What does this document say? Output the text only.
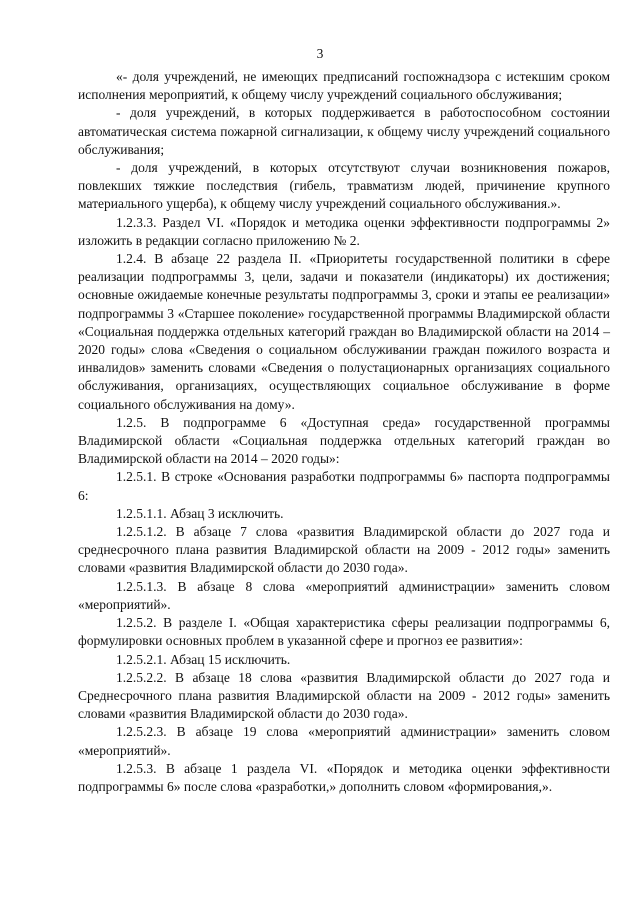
3

«- доля учреждений, не имеющих предписаний госпожнадзора с истекшим сроком исполнения мероприятий, к общему числу учреждений социального обслуживания;

- доля учреждений, в которых поддерживается в работоспособном состоянии автоматическая система пожарной сигнализации, к общему числу учреждений социального обслуживания;

- доля учреждений, в которых отсутствуют случаи возникновения пожаров, повлекших тяжкие последствия (гибель, травматизм людей, причинение крупного материального ущерба), к общему числу учреждений социального обслуживания.».

1.2.3.3. Раздел VI. «Порядок и методика оценки эффективности подпрограммы 2» изложить в редакции согласно приложению № 2.

1.2.4. В абзаце 22 раздела II. «Приоритеты государственной политики в сфере реализации подпрограммы 3, цели, задачи и показатели (индикаторы) их достижения; основные ожидаемые конечные результаты подпрограммы 3, сроки и этапы ее реализации» подпрограммы 3 «Старшее поколение» государственной программы Владимирской области «Социальная поддержка отдельных категорий граждан во Владимирской области на 2014 – 2020 годы» слова «Сведения о социальном обслуживании граждан пожилого возраста и инвалидов» заменить словами «Сведения о полустационарных организациях социального обслуживания, организациях, осуществляющих социальное обслуживание в форме социального обслуживания на дому».

1.2.5. В подпрограмме 6 «Доступная среда» государственной программы Владимирской области «Социальная поддержка отдельных категорий граждан во Владимирской области на 2014 – 2020 годы»:

1.2.5.1. В строке «Основания разработки подпрограммы 6» паспорта подпрограммы 6:

1.2.5.1.1. Абзац 3 исключить.

1.2.5.1.2. В абзаце 7 слова «развития Владимирской области до 2027 года и среднесрочного плана развития Владимирской области на 2009 - 2012 годы» заменить словами «развития Владимирской области до 2030 года».

1.2.5.1.3. В абзаце 8 слова «мероприятий администрации» заменить словом «мероприятий».

1.2.5.2. В разделе I. «Общая характеристика сферы реализации подпрограммы 6, формулировки основных проблем в указанной сфере и прогноз ее развития»:

1.2.5.2.1. Абзац 15 исключить.

1.2.5.2.2. В абзаце 18 слова «развития Владимирской области до 2027 года и Среднесрочного плана развития Владимирской области на 2009 - 2012 годы» заменить словами «развития Владимирской области до 2030 года».

1.2.5.2.3. В абзаце 19 слова «мероприятий администрации» заменить словом «мероприятий».

1.2.5.3. В абзаце 1 раздела VI. «Порядок и методика оценки эффективности подпрограммы 6» после слова «разработки,» дополнить словом «формирования,».
